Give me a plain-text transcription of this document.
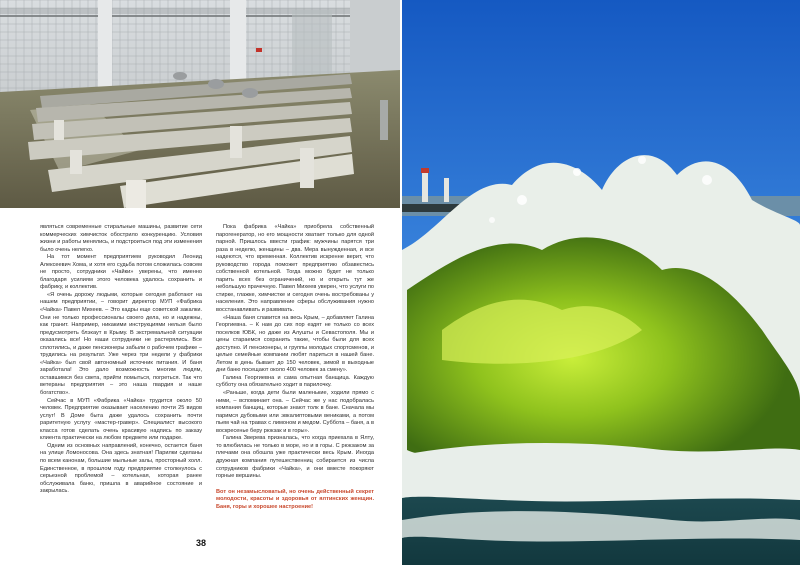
являться современные стиральные машины, развитие сети коммерческих химчисток обострило конкуренцию. Условия жизни и работы менялись, и подстроиться под эти изменения было очень нелегко.

На тот момент предприятием руководил Леонид Алексеевич Хома, и хотя его судьба потом сложилась совсем не просто, сотрудники «Чайки» уверены, что именно благодаря усилиям этого человека удалось сохранить и фабрику, и коллектив.

«Я очень дорожу людьми, которые сегодня работают на нашем предприятии, – говорит директор МУП «Фабрика «Чайка» Павел Михеев. – Это кадры еще советской закалки. Они не только профессионалы своего дела, но и надежны, как гранит. Например, никакими инструкциями нельзя было предусмотреть блэкаут в Крыму. В экстремальной ситуации оказались все! Но наши сотрудники не растерялись. Все сплотились, и даже пенсионеры забыли о рабочем графике – трудились на результат. Уже через три недели у фабрики «Чайка» был свой автономный источник питания. И баня заработала! Это дало возможность многим людям, оставшимся без света, прийти помыться, погреться. Так что ветераны предприятия – это наша гвардия и наше богатство».

Сейчас в МУП «Фабрика «Чайка» трудится около 50 человек. Предприятие оказывает населению почти 25 видов услуг! В Доме быта даже удалось сохранить почти раритетную услугу «мастер-гравер». Специалист высокого класса готов сделать очень красивую надпись по заказу клиента практически на любом предмете или подарке.

Одним из основных направлений, конечно, остается баня на улице Ломоносова. Она здесь знатная! Парилки сделаны по всем канонам, большие мыльные залы, просторный холл. Единственное, в прошлом году предприятие столкнулось с серьезной проблемой – котельная, которая ранее обслуживала баню, пришла в аварийное состояние и закрылась.

Пока фабрика «Чайка» приобрела собственный парогенератор, но его мощности хватает только для одной парной. Пришлось ввести график: мужчины парятся три раза в неделю, женщины – два. Мера вынужденная, и все надеются, что временная. Коллектив искренне верит, что руководство города поможет предприятию обзавестись собственной котельной. Тогда можно будет не только парить всех без ограничений, но и открыть тут же небольшую прачечную. Павел Михеев уверен, что услуги по стирке, глажке, химчистке и сегодня очень востребованы у населения. Это направление сферы обслуживания нужно восстанавливать и развивать.

«Наша баня славится на весь Крым, – добавляет Галина Георгиевна. – К нам до сих пор ездят не только со всех поселков ЮБК, но даже из Алушты и Севастополя. Мы и цены стараемся сохранить такие, чтобы были для всех доступно. И пенсионеры, и группы молодых спортсменов, и целые семейные компании любят париться в нашей бане. Летом в день бывает до 150 человек, зимой в выходные дни баню посещают около 400 человек за смену».

Галина Георгиевна и сама опытная банщица. Каждую субботу она обязательно ходит в парилочку.

«Раньше, когда дети были маленькие, ходили прямо с ними, – вспоминает она. – Сейчас же у нас подобралась компания банщиц, которые знают толк в бане. Сначала мы паримся дубовыми или эвкалиптовыми вениками, а потом пьем чай на травах с лимоном и медом. Суббота – баня, а в воскресенье беру рюкзак и в горы».

Галина Зверева призналась, что когда приехала в Ялту, то влюбилась не только в море, но и в горы. С рюкзаком за плечами она обошла уже практически весь Крым. Иногда дружная компания путешественниц собирается из числа сотрудников фабрики «Чайка», и они вместе покоряют горные вершины.

Вот он незамысловатый, но очень действенный секрет молодости, красоты и здоровья от ялтинских женщин. Баня, горы и хорошее настроение!

38
